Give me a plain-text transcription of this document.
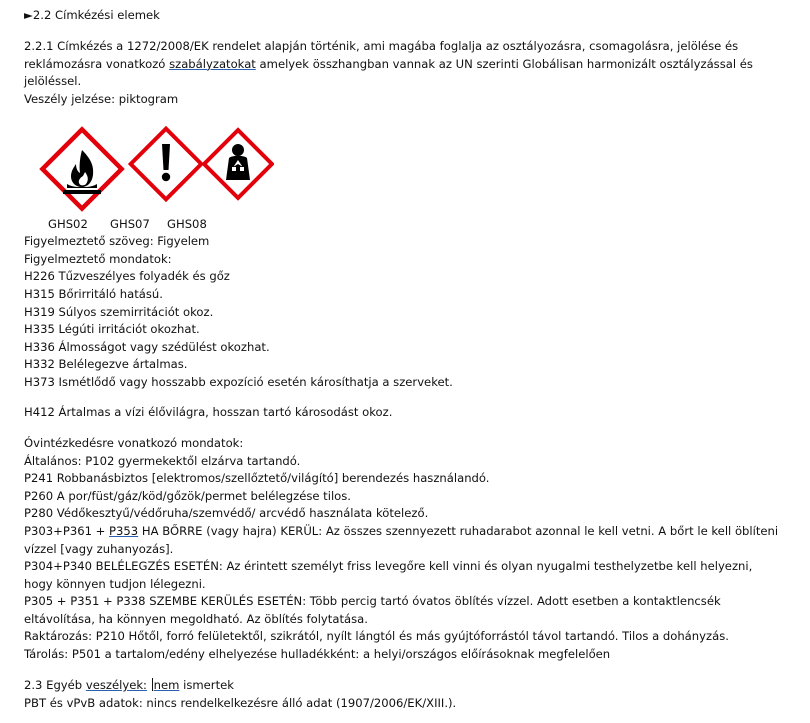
►2.2 Címkézési elemek
2.2.1 Címkézés a 1272/2008/EK rendelet alapján történik, ami magába foglalja az osztályozásra, csomagolásra, jelölése és reklámozásra vonatkozó szabályzatokat amelyek összhangban vannak az UN szerinti Globálisan harmonizált osztályzással és jelöléssel.
Veszély jelzése: piktogram
GHS02 GHS07 GHS08
Figyelmeztető szöveg: Figyelem
Figyelmeztető mondatok:
H226 Tűzveszélyes folyadék és gőz
H315 Bőrirritáló hatású.
H319 Súlyos szemirritációt okoz.
H335 Légúti irritációt okozhat.
H336 Álmosságot vagy szédülést okozhat.
H332 Belélegezve ártalmas.
H373 Ismétlődő vagy hosszabb expozíció esetén károsíthatja a szerveket.
H412 Ártalmas a vízi élővilágra, hosszan tartó károsodást okoz.
Óvintézkedésre vonatkozó mondatok:
Általános: P102 gyermekektől elzárva tartandó.
P241 Robbanásbiztos [elektromos/szellőztető/világító] berendezés használandó.
P260 A por/füst/gáz/köd/gőzök/permet belélegzése tilos.
P280 Védőkesztyű/védőruha/szemvédő/ arcvédő használata kötelező.
P303+P361 + P353 HA BŐRRE (vagy hajra) KERÜL: Az összes szennyezett ruhadarabot azonnal le kell vetni. A bőrt le kell öblíteni vízzel [vagy zuhanyozás].
P304+P340 BELÉLEGZÉS ESETÉN: Az érintett személyt friss levegőre kell vinni és olyan nyugalmi testhelyzetbe kell helyezni, hogy könnyen tudjon lélegezni.
P305 + P351 + P338 SZEMBE KERÜLÉS ESETÉN: Több percig tartó óvatos öblítés vízzel. Adott esetben a kontaktlencsék eltávolítása, ha könnyen megoldható. Az öblítés folytatása.
Raktározás: P210 Hőtől, forró felületektől, szikrától, nyílt lángtól és más gyújtóforrástól távol tartandó. Tilos a dohányzás.
Tárolás: P501 a tartalom/edény elhelyezése hulladékként: a helyi/országos előírásoknak megfelelően
2.3 Egyéb veszélyek: nem ismertek
PBT és vPvB adatok: nincs rendelkelkezésre álló adat (1907/2006/EK/XIII.).
